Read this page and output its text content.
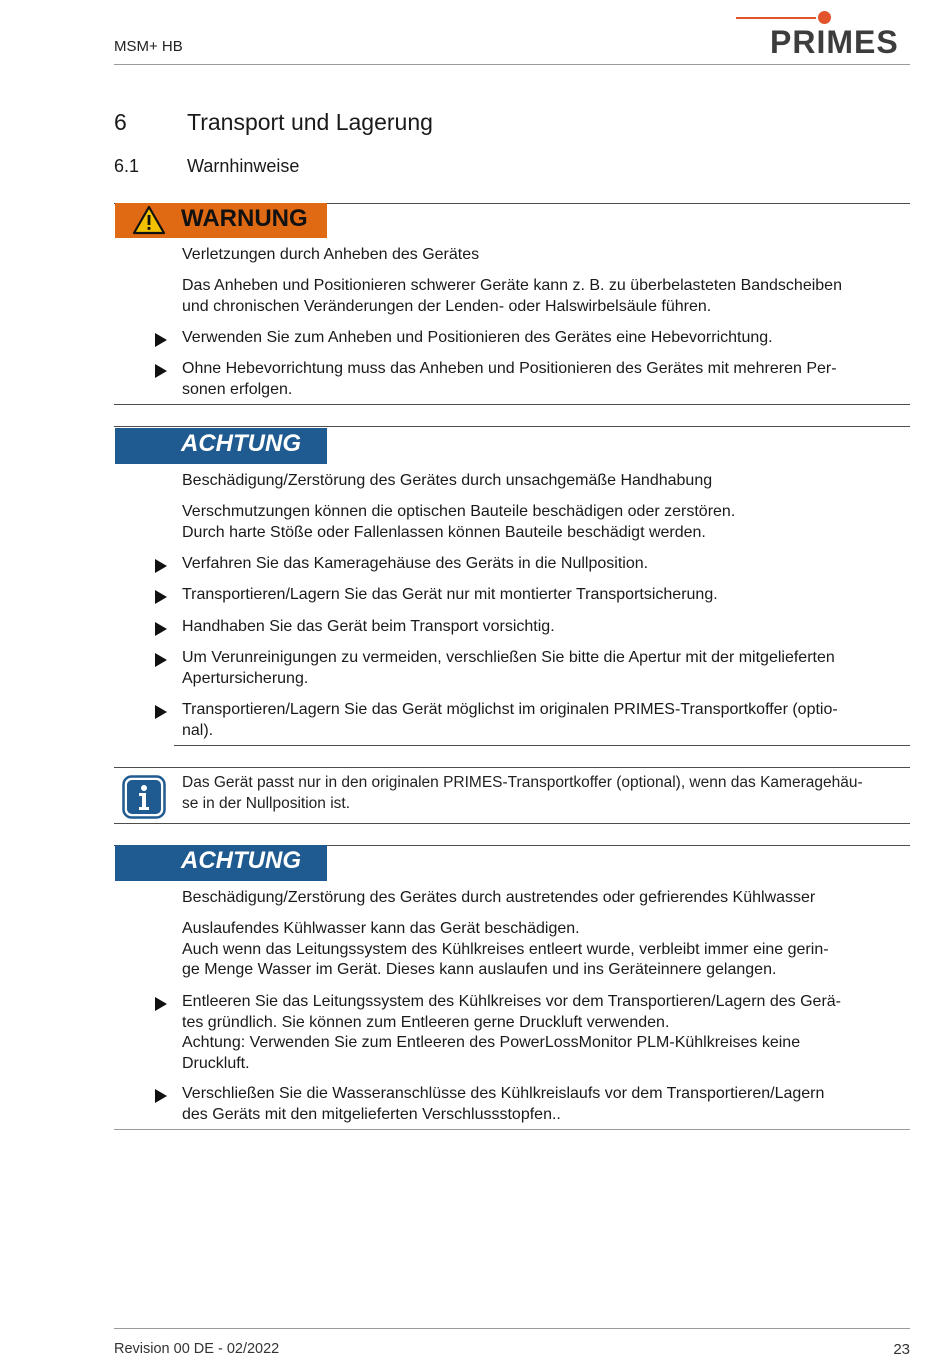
MSM+ HB	PRIMES
6	Transport und Lagerung
6.1	Warnhinweise
WARNUNG
Verletzungen durch Anheben des Gerätes
Das Anheben und Positionieren schwerer Geräte kann z. B. zu überbelasteten Bandscheiben
und chronischen Veränderungen der Lenden- oder Halswirbelsäule führen.
Verwenden Sie zum Anheben und Positionieren des Gerätes eine Hebevorrichtung.
Ohne Hebevorrichtung muss das Anheben und Positionieren des Gerätes mit mehreren Per-
sonen erfolgen.
ACHTUNG
Beschädigung/Zerstörung des Gerätes durch unsachgemäße Handhabung
Verschmutzungen können die optischen Bauteile beschädigen oder zerstören.
Durch harte Stöße oder Fallenlassen können Bauteile beschädigt werden.
Verfahren Sie das Kameragehäuse des Geräts in die Nullposition.
Transportieren/Lagern Sie das Gerät nur mit montierter Transportsicherung.
Handhaben Sie das Gerät beim Transport vorsichtig.
Um Verunreinigungen zu vermeiden, verschließen Sie bitte die Apertur mit der mitgelieferten
Apertursicherung.
Transportieren/Lagern Sie das Gerät möglichst im originalen PRIMES-Transportkoffer (optio-
nal).
Das Gerät passt nur in den originalen PRIMES-Transportkoffer (optional), wenn das Kameragehäu-
se in der Nullposition ist.
ACHTUNG
Beschädigung/Zerstörung des Gerätes durch austretendes oder gefrierendes Kühlwasser
Auslaufendes Kühlwasser kann das Gerät beschädigen.
Auch wenn das Leitungssystem des Kühlkreises entleert wurde, verbleibt immer eine gerin-
ge Menge Wasser im Gerät. Dieses kann auslaufen und ins Geräteinnere gelangen.
Entleeren Sie das Leitungssystem des Kühlkreises vor dem Transportieren/Lagern des Gerä-
tes gründlich. Sie können zum Entleeren gerne Druckluft verwenden.
Achtung: Verwenden Sie zum Entleeren des PowerLossMonitor PLM-Kühlkreises keine
Druckluft.
Verschließen Sie die Wasseranschlüsse des Kühlkreislaufs vor dem Transportieren/Lagern
des Geräts mit den mitgelieferten Verschlussstopfen..
Revision 00 DE - 02/2022	23
